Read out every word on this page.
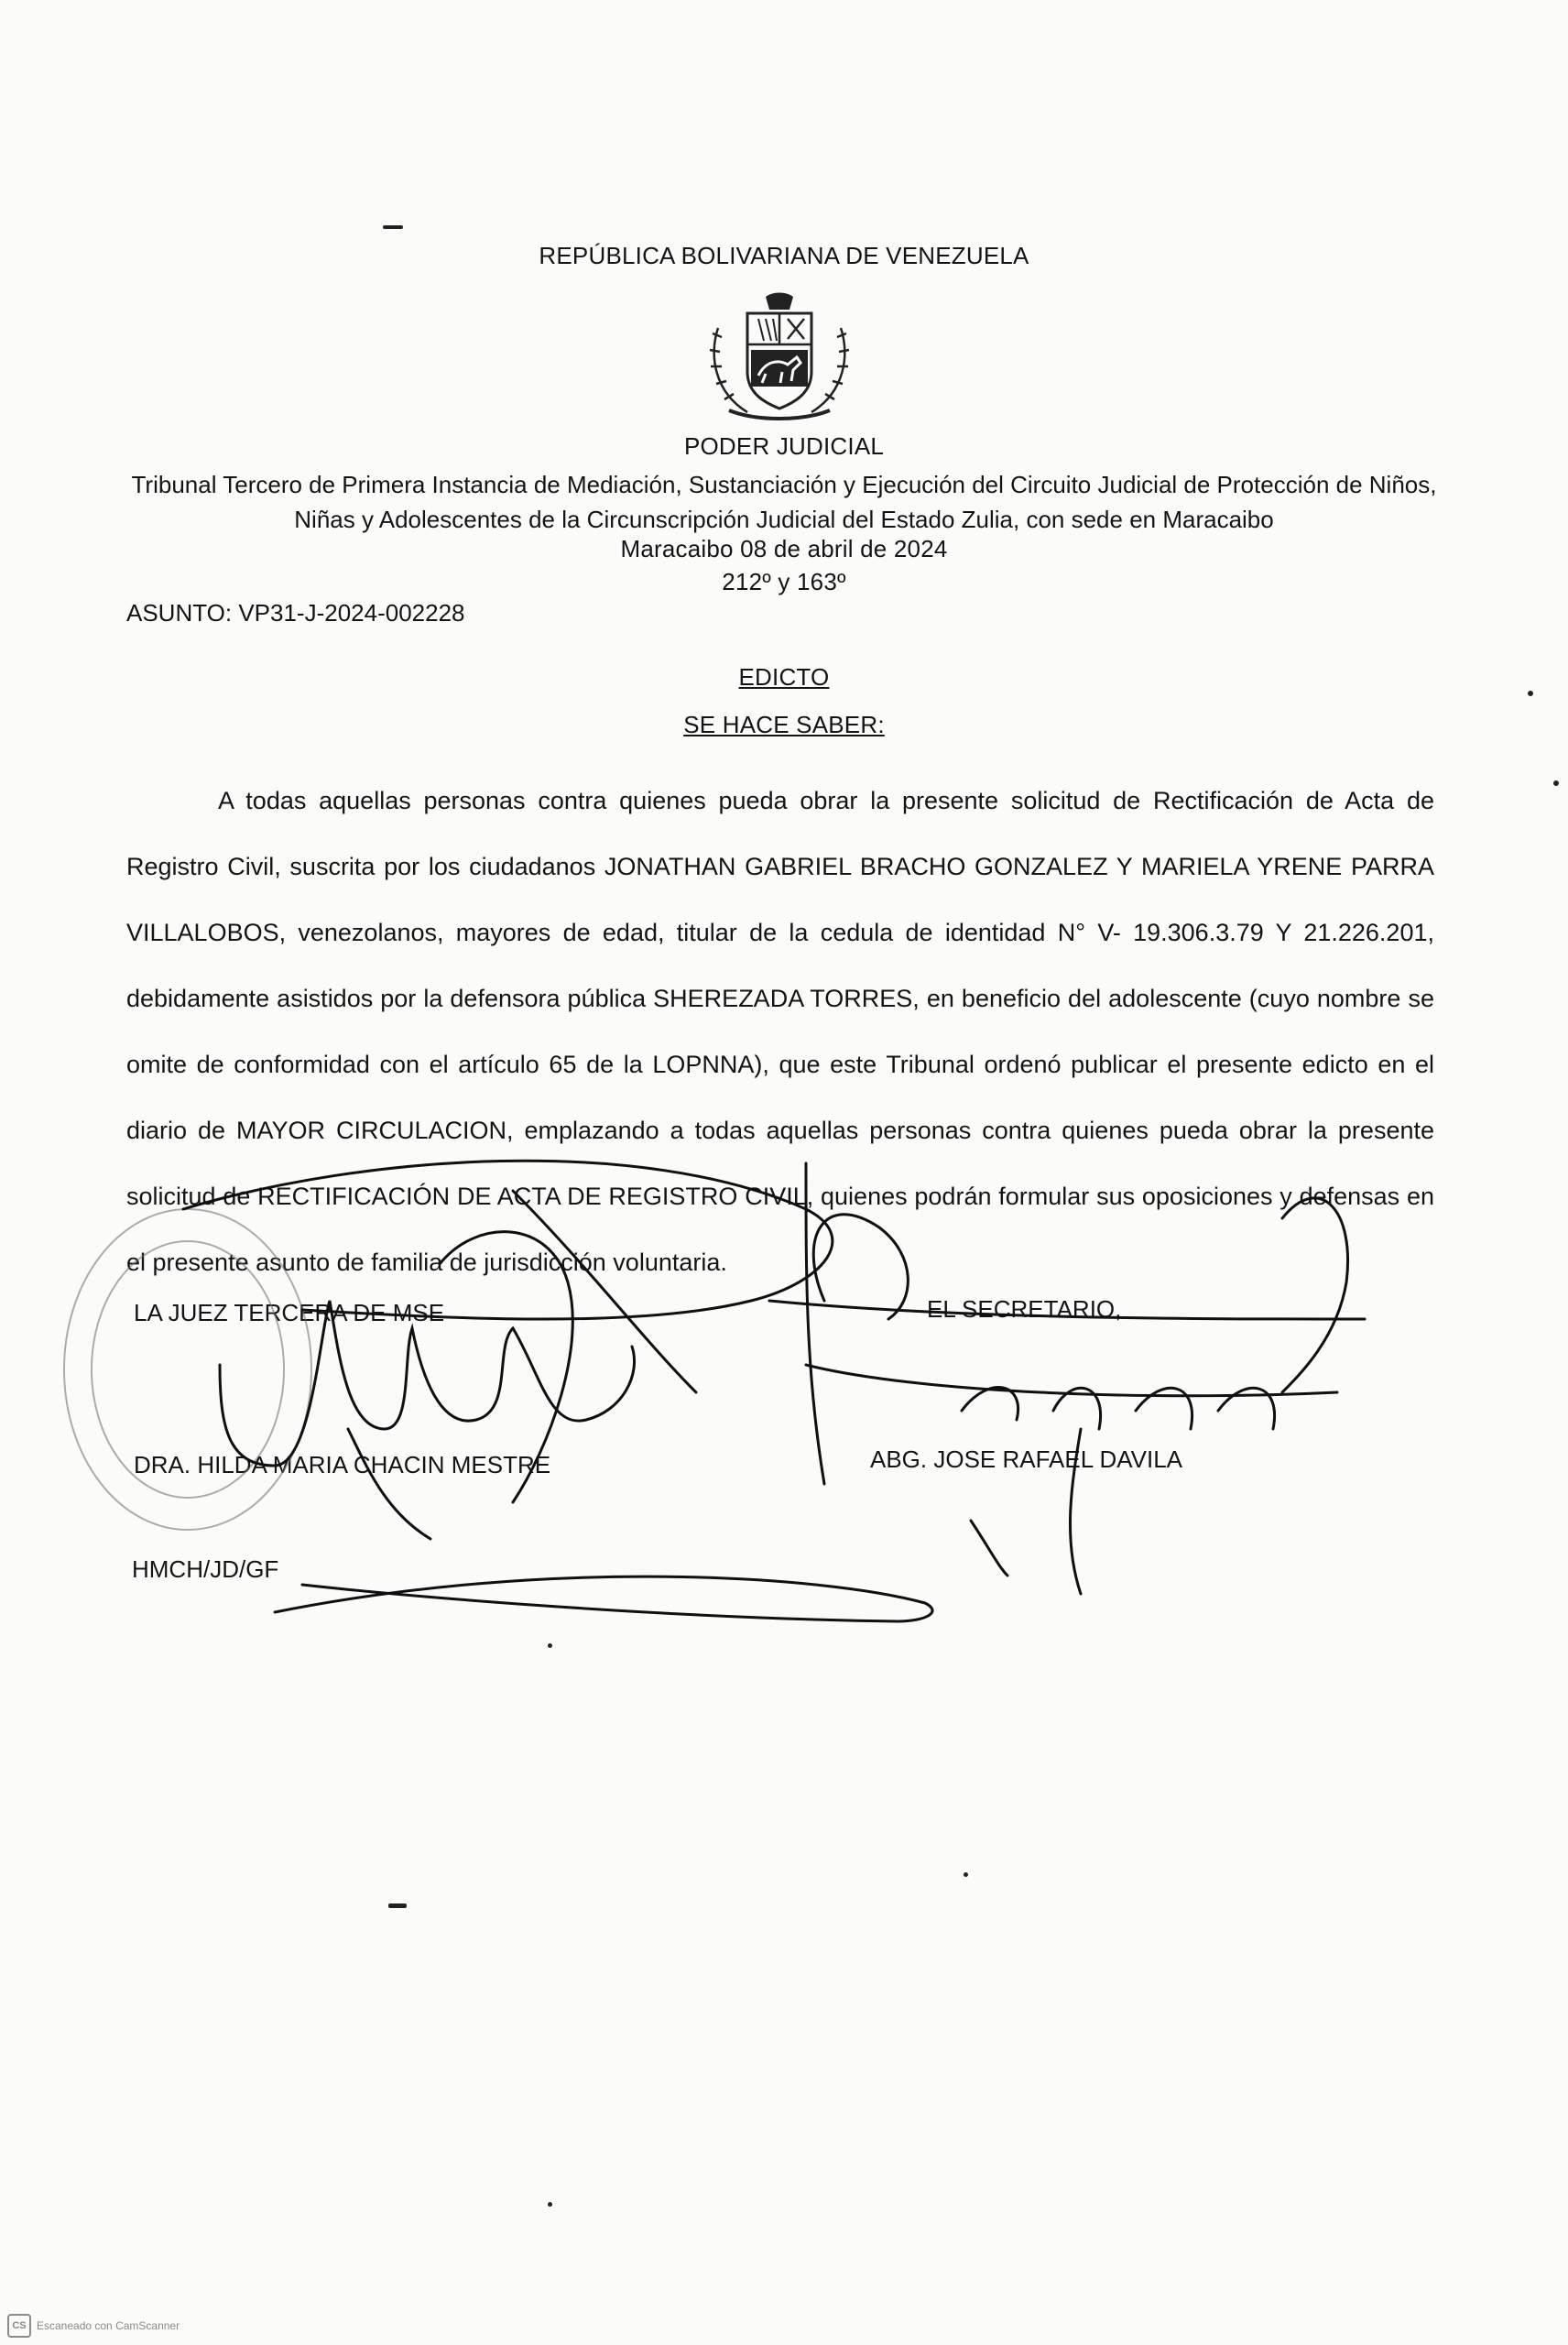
REPÚBLICA BOLIVARIANA DE VENEZUELA
PODER JUDICIAL
Tribunal Tercero de Primera Instancia de Mediación, Sustanciación y Ejecución del Circuito Judicial de Protección de Niños,
Niñas y Adolescentes de la Circunscripción Judicial del Estado Zulia, con sede en Maracaibo
Maracaibo 08 de abril de 2024
212º y 163º
ASUNTO: VP31-J-2024-002228
EDICTO
SE HACE SABER:
A todas aquellas personas contra quienes pueda obrar la presente solicitud de Rectificación de Acta de Registro Civil, suscrita por los ciudadanos JONATHAN GABRIEL BRACHO GONZALEZ Y MARIELA YRENE PARRA VILLALOBOS, venezolanos, mayores de edad, titular de la cedula de identidad N° V- 19.306.3.79 Y 21.226.201, debidamente asistidos por la defensora pública SHEREZADA TORRES, en beneficio del adolescente (cuyo nombre se omite de conformidad con el artículo 65 de la LOPNNA), que este Tribunal ordenó publicar el presente edicto en el diario de MAYOR CIRCULACION, emplazando a todas aquellas personas contra quienes pueda obrar la presente solicitud de RECTIFICACIÓN DE ACTA DE REGISTRO CIVIL, quienes podrán formular sus oposiciones y defensas en el presente asunto de familia de jurisdicción voluntaria.
LA JUEZ TERCERA DE MSE	EL SECRETARIO,
DRA. HILDA MARIA CHACIN MESTRE	ABG. JOSE RAFAEL DAVILA
HMCH/JD/GF
CS Escaneado con CamScanner
